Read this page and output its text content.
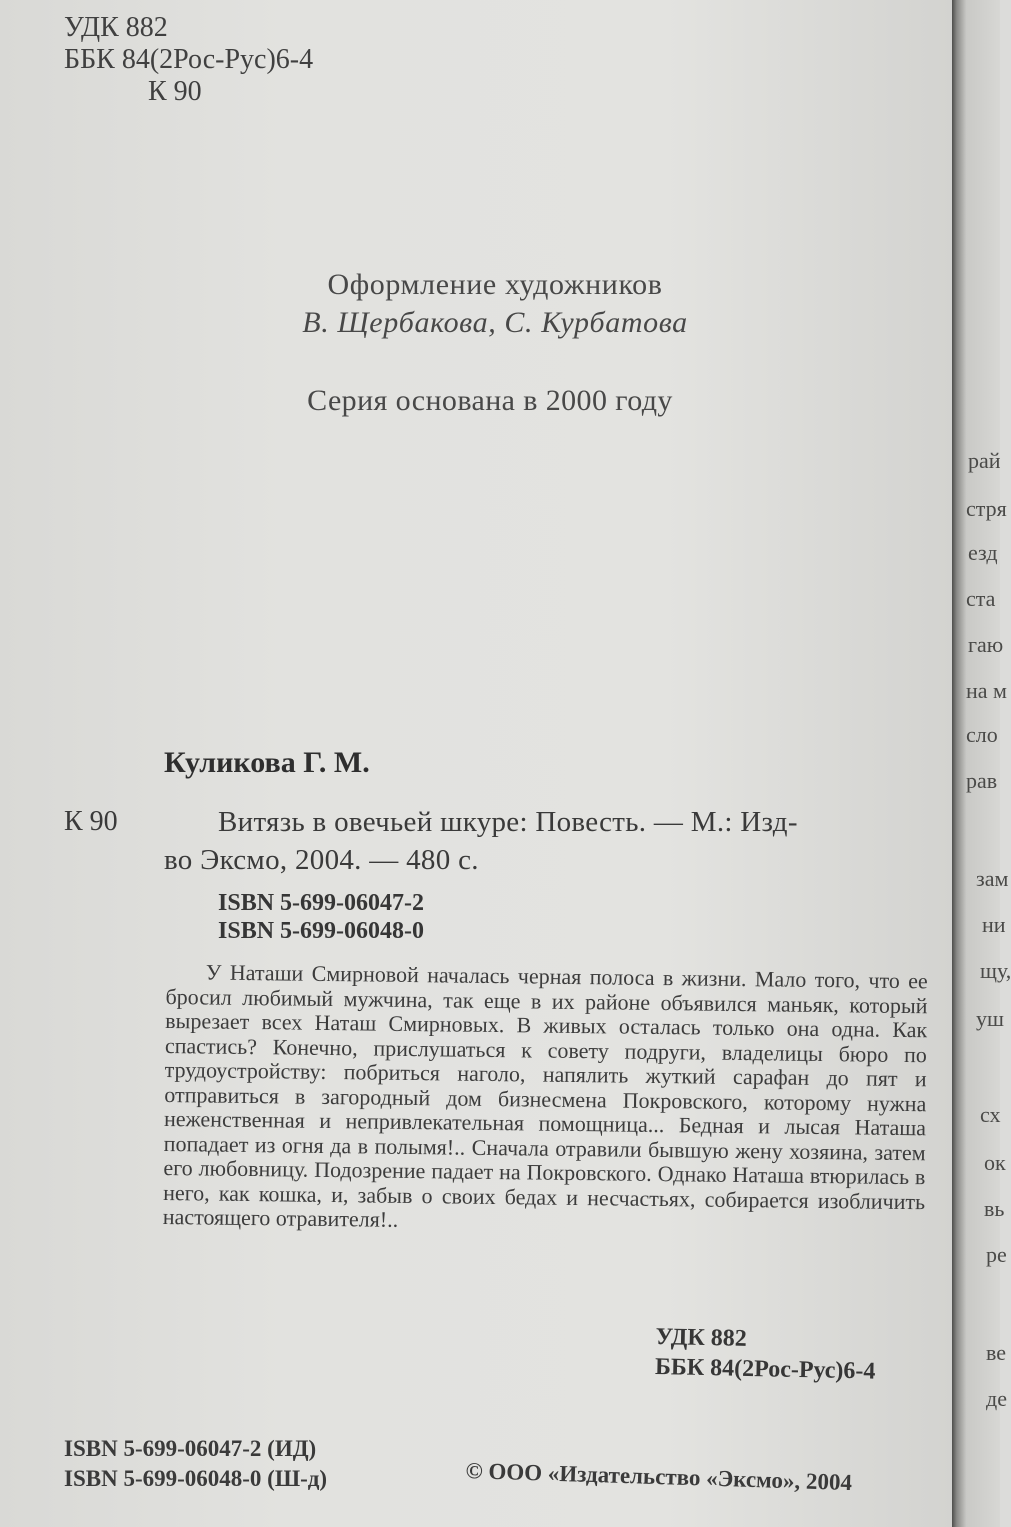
УДК 882
ББК 84(2Рос-Рус)6-4
К 90
Оформление художников
В. Щербакова, С. Курбатова
Серия основана в 2000 году
Куликова Г. М.
К 90	Витязь в овечьей шкуре: Повесть. — М.: Изд-
во Эксмо, 2004. — 480 с.
ISBN 5-699-06047-2
ISBN 5-699-06048-0
У Наташи Смирновой началась черная полоса в жизни. Мало того, что ее бросил любимый мужчина, так еще в их районе объявился маньяк, который вырезает всех Наташ Смирновых. В живых осталась только она одна. Как спастись? Конечно, прислушаться к совету подруги, владелицы бюро по трудоустройству: побриться наголо, напялить жуткий сарафан до пят и отправиться в загородный дом бизнесмена Покровского, которому нужна неженственная и непривлекательная помощница... Бедная и лысая Наташа попадает из огня да в полымя!.. Сначала отравили бывшую жену хозяина, затем его любовницу. Подозрение падает на Покровского. Однако Наташа втюрилась в него, как кошка, и, забыв о своих бедах и несчастьях, собирается изобличить настоящего отравителя!..
УДК 882
ББК 84(2Рос-Рус)6-4
ISBN 5-699-06047-2 (ИД)
ISBN 5-699-06048-0 (Ш-д)	© ООО «Издательство «Эксмо», 2004
рай
стря
езд
ста
гаю
на м
сло
рав
зам
ни
щу,
уш
сх
ок
вь
ре
ве
де
